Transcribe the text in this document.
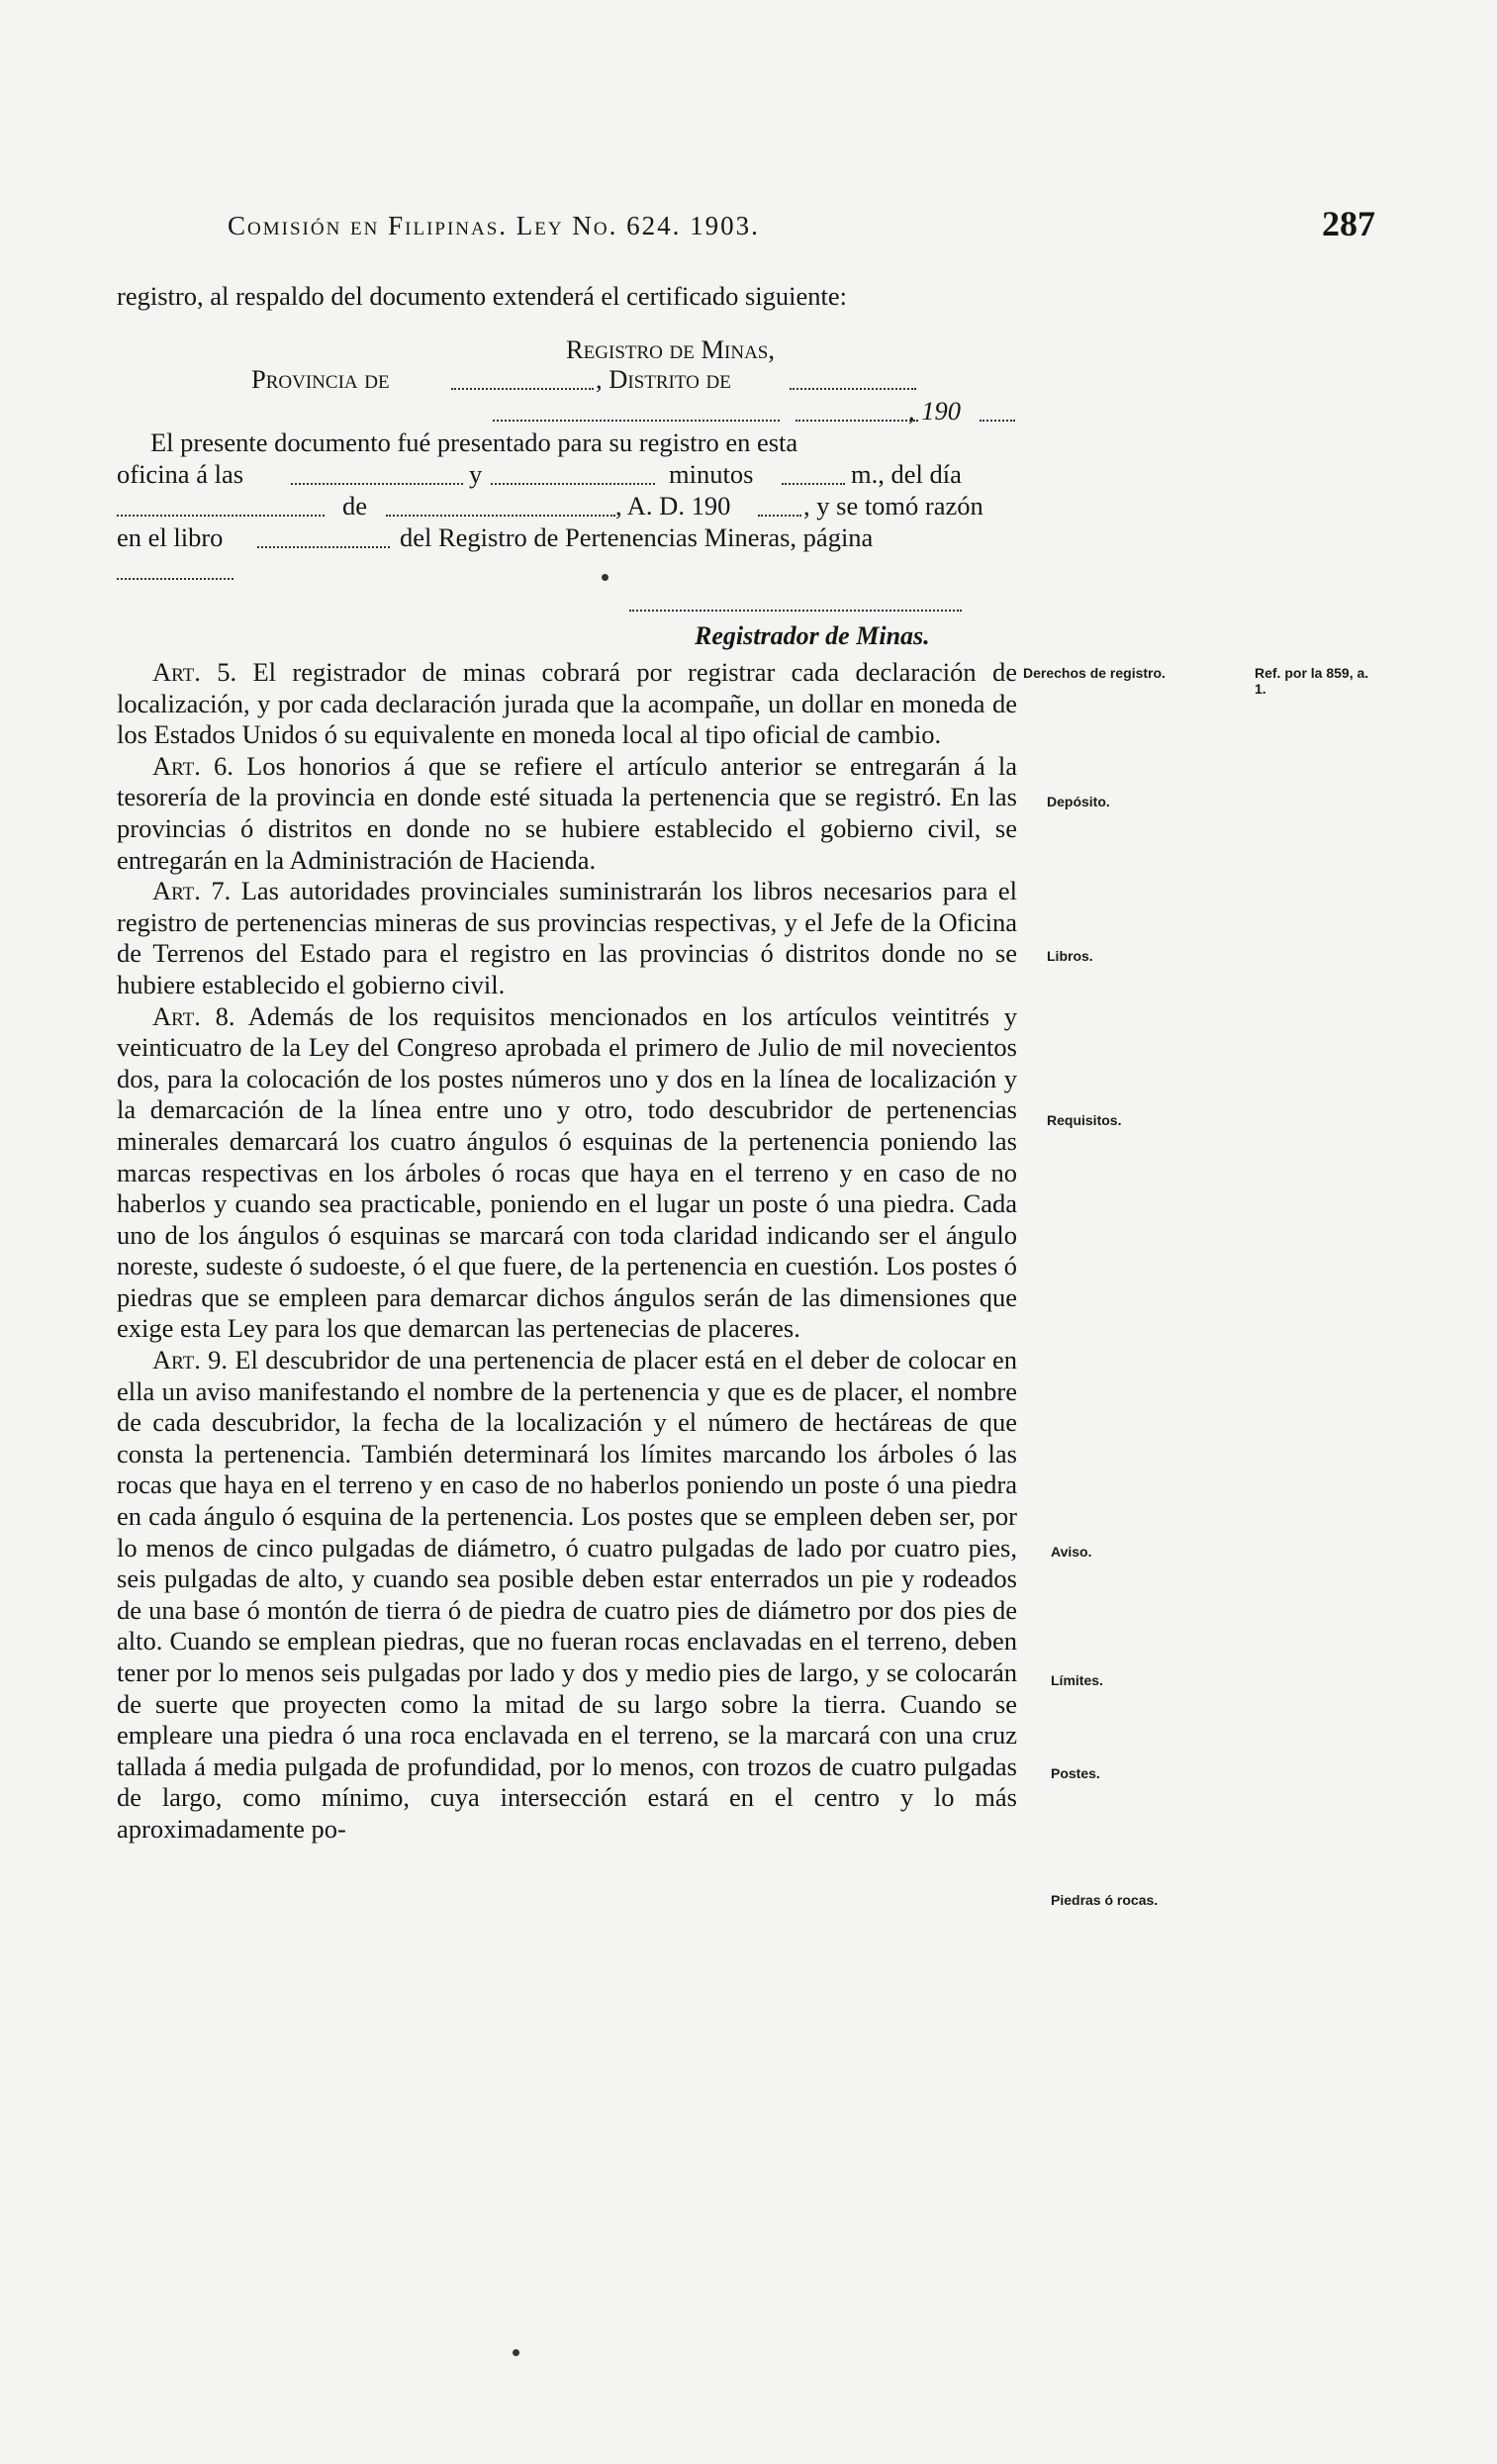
Comisión en Filipinas. Ley No. 624. 1903.	287

registro, al respaldo del documento extenderá el certificado siguiente:

Registro de Minas,
Provincia de	, Distrito de
, 190
El presente documento fué presentado para su registro en esta
oficina á las	y	minutos	m., del día
de	, A. D. 190	, y se tomó razón
en el libro	del Registro de Pertenencias Mineras, página
Registrador de Minas.

Art. 5. El registrador de minas cobrará por registrar cada declaración de localización, y por cada declaración jurada que la acompañe, un dollar en moneda de los Estados Unidos ó su equivalente en moneda local al tipo oficial de cambio.

Art. 6. Los honorios á que se refiere el artículo anterior se entregarán á la tesorería de la provincia en donde esté situada la pertenencia que se registró. En las provincias ó distritos en donde no se hubiere establecido el gobierno civil, se entregarán en la Administración de Hacienda.

Art. 7. Las autoridades provinciales suministrarán los libros necesarios para el registro de pertenencias mineras de sus provincias respectivas, y el Jefe de la Oficina de Terrenos del Estado para el registro en las provincias ó distritos donde no se hubiere establecido el gobierno civil.

Art. 8. Además de los requisitos mencionados en los artículos veintitrés y veinticuatro de la Ley del Congreso aprobada el primero de Julio de mil novecientos dos, para la colocación de los postes números uno y dos en la línea de localización y la demarcación de la línea entre uno y otro, todo descubridor de pertenencias minerales demarcará los cuatro ángulos ó esquinas de la pertenencia poniendo las marcas respectivas en los árboles ó rocas que haya en el terreno y en caso de no haberlos y cuando sea practicable, poniendo en el lugar un poste ó una piedra. Cada uno de los ángulos ó esquinas se marcará con toda claridad indicando ser el ángulo noreste, sudeste ó sudoeste, ó el que fuere, de la pertenencia en cuestión. Los postes ó piedras que se empleen para demarcar dichos ángulos serán de las dimensiones que exige esta Ley para los que demarcan las pertenecias de placeres.

Art. 9. El descubridor de una pertenencia de placer está en el deber de colocar en ella un aviso manifestando el nombre de la pertenencia y que es de placer, el nombre de cada descubridor, la fecha de la localización y el número de hectáreas de que consta la pertenencia. También determinará los límites marcando los árboles ó las rocas que haya en el terreno y en caso de no haberlos poniendo un poste ó una piedra en cada ángulo ó esquina de la pertenencia. Los postes que se empleen deben ser, por lo menos de cinco pulgadas de diámetro, ó cuatro pulgadas de lado por cuatro pies, seis pulgadas de alto, y cuando sea posible deben estar enterrados un pie y rodeados de una base ó montón de tierra ó de piedra de cuatro pies de diámetro por dos pies de alto. Cuando se emplean piedras, que no fueran rocas enclavadas en el terreno, deben tener por lo menos seis pulgadas por lado y dos y medio pies de largo, y se colocarán de suerte que proyecten como la mitad de su largo sobre la tierra. Cuando se empleare una piedra ó una roca enclavada en el terreno, se la marcará con una cruz tallada á media pulgada de profundidad, por lo menos, con trozos de cuatro pulgadas de largo, como mínimo, cuya intersección estará en el centro y lo más aproximadamente po-

Derechos de registro.	Ref. por la 859, a. 1.
Depósito.
Libros.
Requisitos.
Aviso.
Límites.
Postes.
Piedras ó rocas.
